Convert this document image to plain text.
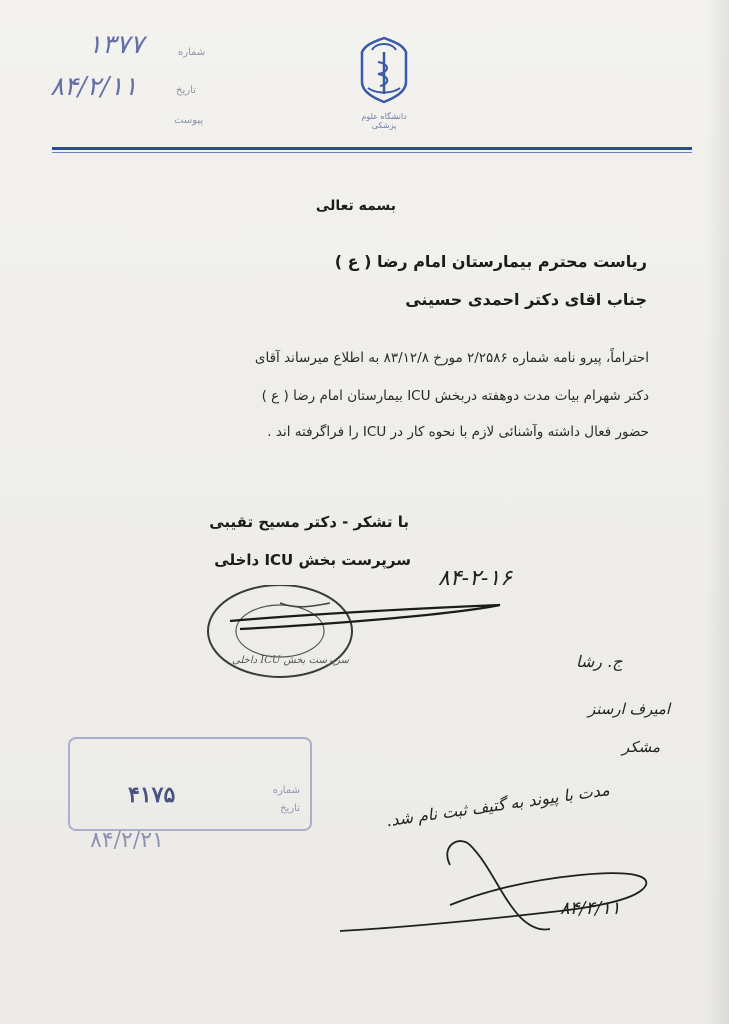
شماره
تاریخ
پیوست
۱۳۷۷
۸۴/۲/۱۱
دانشگاه علوم پزشکی
بسمه تعالی
ریاست محترم بیمارستان امام رضا ( ع )
جناب اقای دکتر احمدی حسینی
احتراماً، پیرو نامه شماره ۲/۲۵۸۶ مورخ ۸۳/۱۲/۸ به اطلاع میرساند آقای
دکتر شهرام بیات مدت دوهفته دربخش ICU بیمارستان امام رضا ( ع )
حضور فعال داشته وآشنائی لازم با نحوه کار در ICU را فراگرفته اند .
با تشکر - دکتر مسیح تقیبی
سرپرست بخش ICU داخلی
سرپرست بخش ICU داخلی
۸۴-۲-۱۶
ج. رشا
امیرف ارسنز
مشکر
مدت با پیوند به گتیف ثبت نام شد.
۸۴/۴/۱۱
شماره
تاریخ
۴۱۷۵
۸۴/۲/۲۱
